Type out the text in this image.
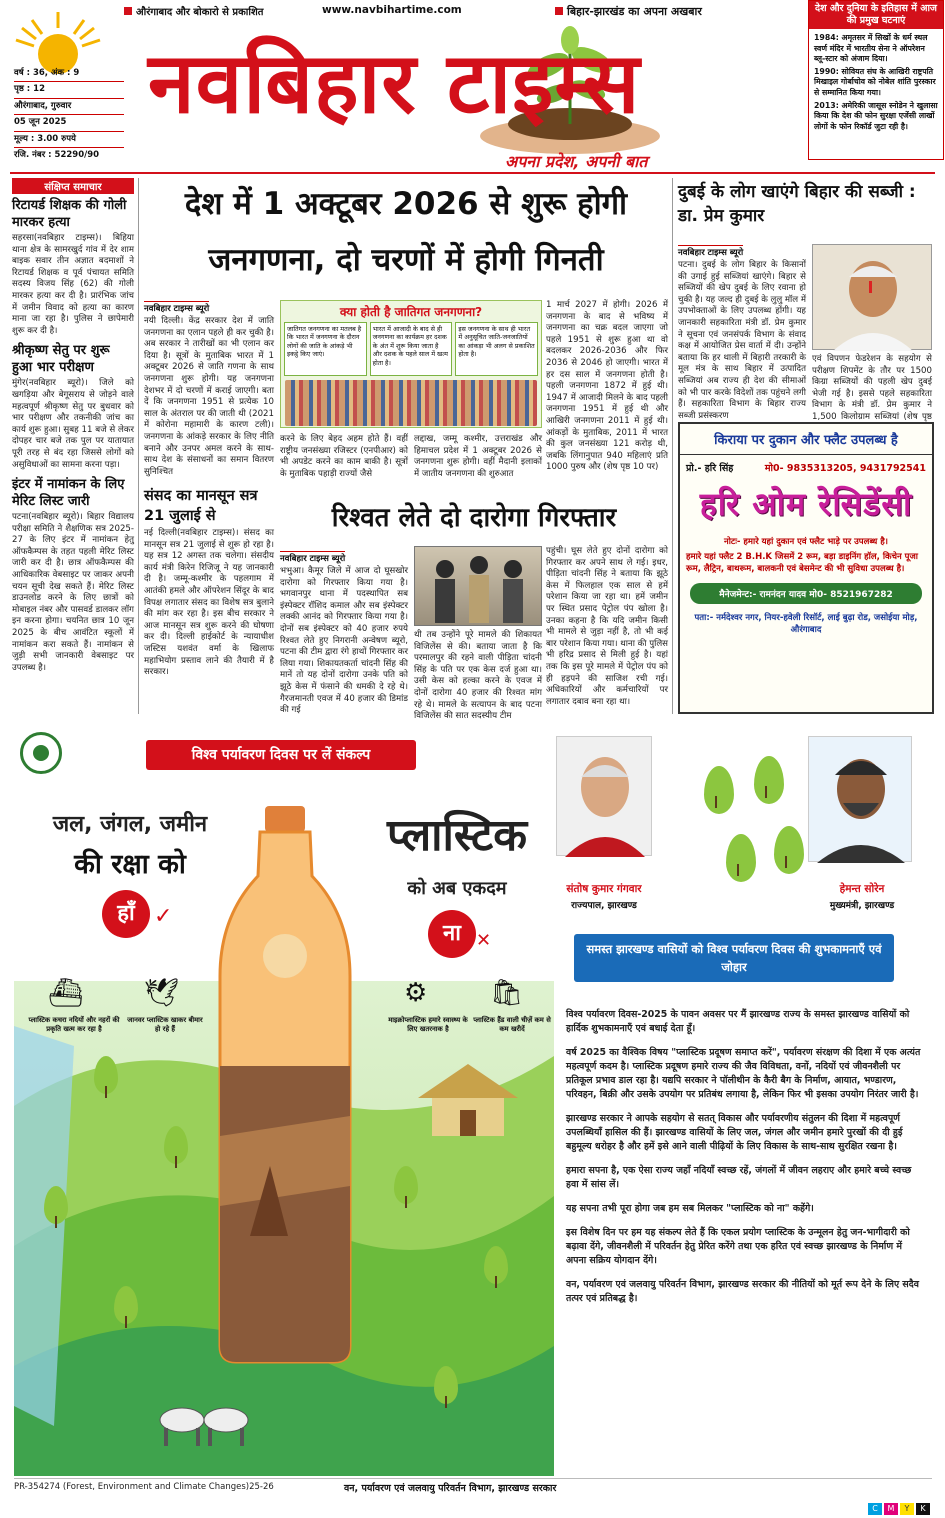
वर्ष : 36, अंक : 9
पृष्ठ : 12
औरंगाबाद, गुरुवार
05 जून 2025
मूल्य : 3.00 रुपये
रजि. नंबर : 52290/90
औरंगाबाद और बोकारो से प्रकाशित	www.navbihartime.com	बिहार-झारखंड का अपना अखबार
नवबिहार टाइम्स
अपना प्रदेश, अपनी बात
देश और दुनिया के इतिहास में आज की प्रमुख घटनाएं
1984: अमृतसर में सिखों के धर्म स्थल स्वर्ण मंदिर में भारतीय सेना ने ऑपरेशन ब्लू-स्टार को अंजाम दिया।
1990: सोवियत संघ के आखिरी राष्ट्रपति मिखाइल गोर्बाचोव को नोबेल शांति पुरस्कार से सम्मानित किया गया।
2013: अमेरिकी जासूस स्नोडेन ने खुलासा किया कि देश की फोन सुरक्षा एजेंसी लाखों लोगों के फोन रिकॉर्ड जुटा रही है।
संक्षिप्त समाचार
रिटायर्ड शिक्षक की गोली मारकर हत्या
सहरसा(नवबिहार टाइम्स)। बिहिया थाना क्षेत्र के सामरखुर्द गांव में देर शाम बाइक सवार तीन अज्ञात बदमाशों ने रिटायर्ड शिक्षक व पूर्व पंचायत समिति सदस्य विजय सिंह (62) की गोली मारकर हत्या कर दी है। प्रारंभिक जांच में जमीन विवाद को हत्या का कारण माना जा रहा है। पुलिस ने छापेमारी शुरू कर दी है।
श्रीकृष्ण सेतु पर शुरू हुआ भार परीक्षण
मुंगेर(नवबिहार ब्यूरो)। जिले को खगड़िया और बेगूसराय से जोड़ने वाले महत्वपूर्ण श्रीकृष्ण सेतु पर बुधवार को भार परीक्षण और तकनीकी जांच का कार्य शुरू हुआ। सुबह 11 बजे से लेकर दोपहर चार बजे तक पुल पर यातायात पूरी तरह से बंद रहा जिससे लोगों को असुविधाओं का सामना करना पड़ा।
इंटर में नामांकन के लिए मेरिट लिस्ट जारी
पटना(नवबिहार ब्यूरो)। बिहार विद्यालय परीक्षा समिति ने शैक्षणिक सत्र 2025-27 के लिए इंटर में नामांकन हेतु ऑफकैम्पस के तहत पहली मेरिट लिस्ट जारी कर दी है। छात्र ऑफकैम्पस की आधिकारिक वेबसाइट पर जाकर अपनी चयन सूची देख सकते हैं। मेरिट लिस्ट डाउनलोड करने के लिए छात्रों को मोबाइल नंबर और पासवर्ड डालकर लॉग इन करना होगा। चयनित छात्र 10 जून 2025 के बीच आवंटित स्कूलों में नामांकन करा सकते हैं। नामांकन से जुड़ी सभी जानकारी वेबसाइट पर उपलब्ध है।
देश में 1 अक्टूबर 2026 से शुरू होगी
जनगणना, दो चरणों में होगी गिनती
नवबिहार टाइम्स ब्यूरो
नयी दिल्ली। केंद्र सरकार देश में जाति जनगणना का एलान पहले ही कर चुकी है। अब सरकार ने तारीखों का भी एलान कर दिया है। सूत्रों के मुताबिक भारत में 1 अक्टूबर 2026 से जाति गणना के साथ जनगणना शुरू होगी। यह जनगणना देशभर में दो चरणों में कराई जाएगी। बता दें कि जनगणना 1951 से प्रत्येक 10 साल के अंतराल पर की जाती थी (2021 में कोरोना महामारी के कारण टली)। जनगणना के आंकड़े सरकार के लिए नीति बनाने और उनपर अमल करने के साथ-साथ देश के संसाधनों का समान वितरण सुनिश्चित
क्या होती है जातिगत जनगणना?
जातिगत जनगणना का मतलब है कि भारत में जनगणना के दौरान लोगों की जाति के आंकड़े भी इकट्ठे किए जाएं।
भारत में आजादी के बाद से ही जनगणना का कार्यक्रम हर दशक के अंत में शुरू किया जाता है और दशक के पहले साल में खत्म होता है।
इस जनगणना के साथ ही भारत में अनुसूचित जाति-जनजातियों का आंकड़ा भी अलग से प्रकाशित होता है।
करने के लिए बेहद अहम होते हैं। वहीं राष्ट्रीय जनसंख्या रजिस्टर (एनपीआर) को भी अपडेट करने का काम बाकी है। सूत्रों के मुताबिक पहाड़ी राज्यों जैसे
लद्दाख, जम्मू कश्मीर, उत्तराखंड और हिमाचल प्रदेश में 1 अक्टूबर 2026 से जनगणना शुरू होगी। वहीं मैदानी इलाकों में जातीय जनगणना की शुरुआत
1 मार्च 2027 में होगी। 2026 में जनगणना के बाद से भविष्य में जनगणना का चक्र बदल जाएगा जो पहले 1951 से शुरू हुआ था वो बदलकर 2026-2036 और फिर 2036 से 2046 हो जाएगी। भारत में हर दस साल में जनगणना होती है। पहली जनगणना 1872 में हुई थी। 1947 में आजादी मिलने के बाद पहली जनगणना 1951 में हुई थी और आखिरी जनगणना 2011 में हुई थी। आंकड़ों के मुताबिक, 2011 में भारत की कुल जनसंख्या 121 करोड़ थी, जबकि लिंगानुपात 940 महिलाएं प्रति 1000 पुरुष और (शेष पृष्ठ 10 पर)
संसद का मानसून सत्र 21 जुलाई से
नई दिल्ली(नवबिहार टाइम्स)। संसद का मानसून सत्र 21 जुलाई से शुरू हो रहा है। यह सत्र 12 अगस्त तक चलेगा। संसदीय कार्य मंत्री किरेन रिजिजू ने यह जानकारी दी है। जम्मू-कश्मीर के पहलगाम में आतंकी हमले और ऑपरेशन सिंदूर के बाद विपक्ष लगातार संसद का विशेष सत्र बुलाने की मांग कर रहा है। इस बीच सरकार ने आज मानसून सत्र शुरू करने की घोषणा कर दी। दिल्ली हाईकोर्ट के न्यायाधीश जस्टिस यशवंत वर्मा के खिलाफ महाभियोग प्रस्ताव लाने की तैयारी में है सरकार।
रिश्वत लेते दो दारोगा गिरफ्तार
नवबिहार टाइम्स ब्यूरो
भभुआ। कैमूर जिले में आज दो घूसखोर दारोगा को गिरफ्तार किया गया है। भगवानपुर थाना में पदस्थापित सब इंस्पेक्टर रॉशिद कमाल और सब इंस्पेक्टर लक्की आनंद को गिरफ्तार किया गया है। दोनों सब इंस्पेक्टर को 40 हजार रुपये रिश्वत लेते हुए निगरानी अन्वेषण ब्यूरो, पटना की टीम द्वारा रंगे हाथों गिरफ्तार कर लिया गया। शिकायतकर्ता चांदनी सिंह की मानें तो यह दोनों दारोगा उनके पति को झूठे केस में फंसाने की धमकी दे रहे थे। गैरजमानती एवज में 40 हजार की डिमांड की गई
थी तब उन्होंने पूरे मामले की शिकायत विजिलेंस से की। बताया जाता है कि परमालपुर की रहने वाली पीड़िता चांदनी सिंह के पति पर एक केस दर्ज हुआ था। उसी केस को हल्का करने के एवज में दोनों दारोगा 40 हजार की रिश्वत मांग रहे थे। मामले के सत्यापन के बाद पटना विजिलेंस की सात सदस्यीय टीम
पहुंची। घूस लेते हुए दोनों दारोगा को गिरफ्तार कर अपने साथ ले गई। इधर, पीड़िता चांदनी सिंह ने बताया कि झूठे केस में फिलहाल एक साल से हमें परेशान किया जा रहा था। हमें जमीन पर स्थित प्रसाद पेट्रोल पंप खोला है। उनका कहना है कि यदि जमीन किसी भी मामले से जुड़ा नहीं है, तो भी कई बार परेशान किया गया। थाना की पुलिस भी हरिद्र प्रसाद से मिली हुई है। यहां तक कि इस पूरे मामले में पेट्रोल पंप को ही हड़पने की साजिश रची गई। अधिकारियों और कर्मचारियों पर लगातार दबाव बना रहा था।
दुबई के लोग खाएंगे बिहार की सब्जी : डा. प्रेम कुमार
नवबिहार टाइम्स ब्यूरो
पटना। दुबई के लोग बिहार के किसानों की उगाई हुई सब्जियां खाएंगे। बिहार से सब्जियों की खेप दुबई के लिए रवाना हो चुकी है। यह जल्द ही दुबई के लुलु मॉल में उपभोक्ताओं के लिए उपलब्ध होंगी। यह जानकारी सहकारिता मंत्री डॉ. प्रेम कुमार ने सूचना एवं जनसंपर्क विभाग के संवाद कक्ष में आयोजित प्रेस वार्ता में दी। उन्होंने बताया कि हर थाली में बिहारी तरकारी के मूल मंत्र के साथ बिहार में उत्पादित सब्जियां अब राज्य ही देश की सीमाओं को भी पार करके विदेशों तक पहुंचने लगी हैं। सहकारिता विभाग के बिहार राज्य सब्जी प्रसंस्करण
एवं विपणन फेडरेशन के सहयोग से परीक्षण शिपमेंट के तौर पर 1500 किग्रा सब्जियों की पहली खेप दुबई भेजी गई है। इससे पहले सहकारिता विभाग के मंत्री डॉ. प्रेम कुमार ने 1,500 किलोग्राम सब्जियां (शेष पृष्ठ
किराया पर दुकान और फ्लैट उपलब्ध है
प्रो.- हरि सिंह	मो0- 9835313205, 9431792541
हरि ओम रेसिडेंसी
नोटः- हमारे यहां दुकान एवं फ्लैट भाड़े पर उपलब्ध है।
हमारे यहां फ्लैट 2 B.H.K जिसमें 2 रूम, बड़ा डाइनिंग हॉल, किचेन पूजा रूम, लैट्रिन, बाथरूम, बालकनी एवं बेसमेन्ट की भी सुविधा उपलब्ध है।
मैनेजमेन्ट:- रामनंदन यादव मो0- 8521967282
पता:- नर्मदेश्वर नगर, नियर-हवेली रिसॉर्ट, लाई बुढ़ा रोड, जसोईया मोड़, औरंगाबाद
विश्व पर्यावरण दिवस पर लें संकल्प
जल, जंगल, जमीन
की रक्षा को
हाँ ✓
प्लास्टिक
को अब एकदम
ना ✕
⛴
प्लास्टिक कचरा नदियों और नहरों की प्रकृति खत्म कर रहा है
🕊
जानवर प्लास्टिक खाकर बीमार हो रहे हैं
⚙
माइक्रोप्लास्टिक हमारे स्वास्थ्य के लिए खतरनाक है
🛍
प्लास्टिक हैंड वाली चीज़ें कम से कम खरीदें
संतोष कुमार गंगवार
राज्यपाल, झारखण्ड
हेमन्त सोरेन
मुख्यमंत्री, झारखण्ड
समस्त झारखण्ड वासियों को विश्व पर्यावरण दिवस की शुभकामनाएँ एवं जोहार

विश्व पर्यावरण दिवस-2025 के पावन अवसर पर मैं झारखण्ड राज्य के समस्त झारखण्ड वासियों को हार्दिक शुभकामनाएँ एवं बधाई देता हूँ।

वर्ष 2025 का वैश्विक विषय "प्लास्टिक प्रदूषण समाप्त करें", पर्यावरण संरक्षण की दिशा में एक अत्यंत महत्वपूर्ण कदम है। प्लास्टिक प्रदूषण हमारे राज्य की जैव विविधता, वनों, नदियों एवं जीवनशैली पर प्रतिकूल प्रभाव डाल रहा है। यद्यपि सरकार ने पॉलीथीन के कैरी बैग के निर्माण, आयात, भण्डारण, परिवहन, बिक्री और उसके उपयोग पर प्रतिबंध लगाया है, लेकिन फिर भी इसका उपयोग निरंतर जारी है।

झारखण्ड सरकार ने आपके सहयोग से सतत् विकास और पर्यावरणीय संतुलन की दिशा में महत्वपूर्ण उपलब्धियाँ हासिल की हैं। झारखण्ड वासियों के लिए जल, जंगल और जमीन हमारे पुरखों की दी हुई बहुमूल्य धरोहर है और हमें इसे आने वाली पीढ़ियों के लिए विकास के साथ-साथ सुरक्षित रखना है।

हमारा सपना है, एक ऐसा राज्य जहाँ नदियाँ स्वच्छ रहें, जंगलों में जीवन लहराए और हमारे बच्चे स्वच्छ हवा में सांस लें।

यह सपना तभी पूरा होगा जब हम सब मिलकर "प्लास्टिक को ना" कहेंगे।

इस विशेष दिन पर हम यह संकल्प लेते हैं कि एकल प्रयोग प्लास्टिक के उन्मूलन हेतु जन-भागीदारी को बढ़ावा देंगे, जीवनशैली में परिवर्तन हेतु प्रेरित करेंगे तथा एक हरित एवं स्वच्छ झारखण्ड के निर्माण में अपना सक्रिय योगदान देंगे।

वन, पर्यावरण एवं जलवायु परिवर्तन विभाग, झारखण्ड सरकार की नीतियों को मूर्त रूप देने के लिए सदैव तत्पर एवं प्रतिबद्ध है।

PR-354274 (Forest, Environment and Climate Changes)25-26	वन, पर्यावरण एवं जलवायु परिवर्तन विभाग, झारखण्ड सरकार
C	M	Y	K
